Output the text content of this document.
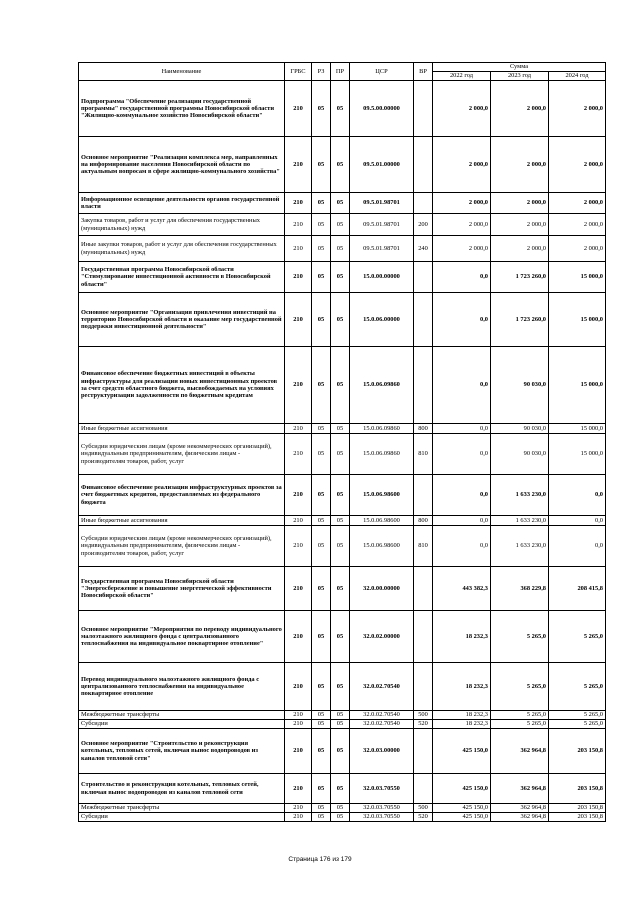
Наименование	ГРБС	РЗ	ПР	ЦСР	ВР	Сумма		
						2022 год	2023 год	2024 год
Подпрограмма "Обеспечение реализации государственной программы" государственной программы Новосибирской области "Жилищно-коммунальное хозяйство Новосибирской области"	210	05	05	09.5.00.00000		2 000,0	2 000,0	2 000,0
Основное мероприятие "Реализация комплекса мер, направленных на информирование населения Новосибирской области по актуальным вопросам в сфере жилищно-коммунального хозяйства"	210	05	05	09.5.01.00000		2 000,0	2 000,0	2 000,0
Информационное освещение деятельности органов государственной власти	210	05	05	09.5.01.98701		2 000,0	2 000,0	2 000,0
Закупка товаров, работ и услуг для обеспечения государственных (муниципальных) нужд	210	05	05	09.5.01.98701	200	2 000,0	2 000,0	2 000,0
Иные закупки товаров, работ и услуг для обеспечения государственных (муниципальных) нужд	210	05	05	09.5.01.98701	240	2 000,0	2 000,0	2 000,0
Государственная программа Новосибирской области "Стимулирование инвестиционной активности в Новосибирской области"	210	05	05	15.0.00.00000		0,0	1 723 260,0	15 000,0
Основное мероприятие "Организация привлечения инвестиций на территорию Новосибирской области и оказание мер государственной поддержки инвестиционной деятельности"	210	05	05	15.0.06.00000		0,0	1 723 260,0	15 000,0
Финансовое обеспечение бюджетных инвестиций в объекты инфраструктуры для реализации новых инвестиционных проектов за счет средств областного бюджета, высвобождаемых на условиях реструктуризации задолженности по бюджетным кредитам	210	05	05	15.0.06.09860		0,0	90 030,0	15 000,0
Иные бюджетные ассигнования	210	05	05	15.0.06.09860	800	0,0	90 030,0	15 000,0
Субсидии юридическим лицам (кроме некоммерческих организаций), индивидуальным предпринимателям, физическим лицам - производителям товаров, работ, услуг	210	05	05	15.0.06.09860	810	0,0	90 030,0	15 000,0
Финансовое обеспечение реализации инфраструктурных проектов за счет бюджетных кредитов, предоставляемых из федерального бюджета	210	05	05	15.0.06.98600		0,0	1 633 230,0	0,0
Иные бюджетные ассигнования	210	05	05	15.0.06.98600	800	0,0	1 633 230,0	0,0
Субсидии юридическим лицам (кроме некоммерческих организаций), индивидуальным предпринимателям, физическим лицам - производителям товаров, работ, услуг	210	05	05	15.0.06.98600	810	0,0	1 633 230,0	0,0
Государственная программа Новосибирской области "Энергосбережение и повышение энергетической эффективности Новосибирской области"	210	05	05	32.0.00.00000		443 382,3	368 229,8	208 415,8
Основное мероприятие "Мероприятия по переводу индивидуального малоэтажного жилищного фонда с централизованного теплоснабжения на индивидуальное поквартирное отопление"	210	05	05	32.0.02.00000		18 232,3	5 265,0	5 265,0
Перевод индивидуального малоэтажного жилищного фонда с централизованного теплоснабжения на индивидуальное поквартирное отопление	210	05	05	32.0.02.70540		18 232,3	5 265,0	5 265,0
Межбюджетные трансферты	210	05	05	32.0.02.70540	500	18 232,3	5 265,0	5 265,0
Субсидии	210	05	05	32.0.02.70540	520	18 232,3	5 265,0	5 265,0
Основное мероприятие "Строительство и реконструкция котельных, тепловых сетей, включая вынос водопроводов из каналов тепловой сети"	210	05	05	32.0.03.00000		425 150,0	362 964,8	203 150,8
Строительство и реконструкция котельных, тепловых сетей, включая вынос водопроводов из каналов тепловой сети	210	05	05	32.0.03.70550		425 150,0	362 964,8	203 150,8
Межбюджетные трансферты	210	05	05	32.0.03.70550	500	425 150,0	362 964,8	203 150,8
Субсидии	210	05	05	32.0.03.70550	520	425 150,0	362 964,8	203 150,8
Страница 176 из 179
